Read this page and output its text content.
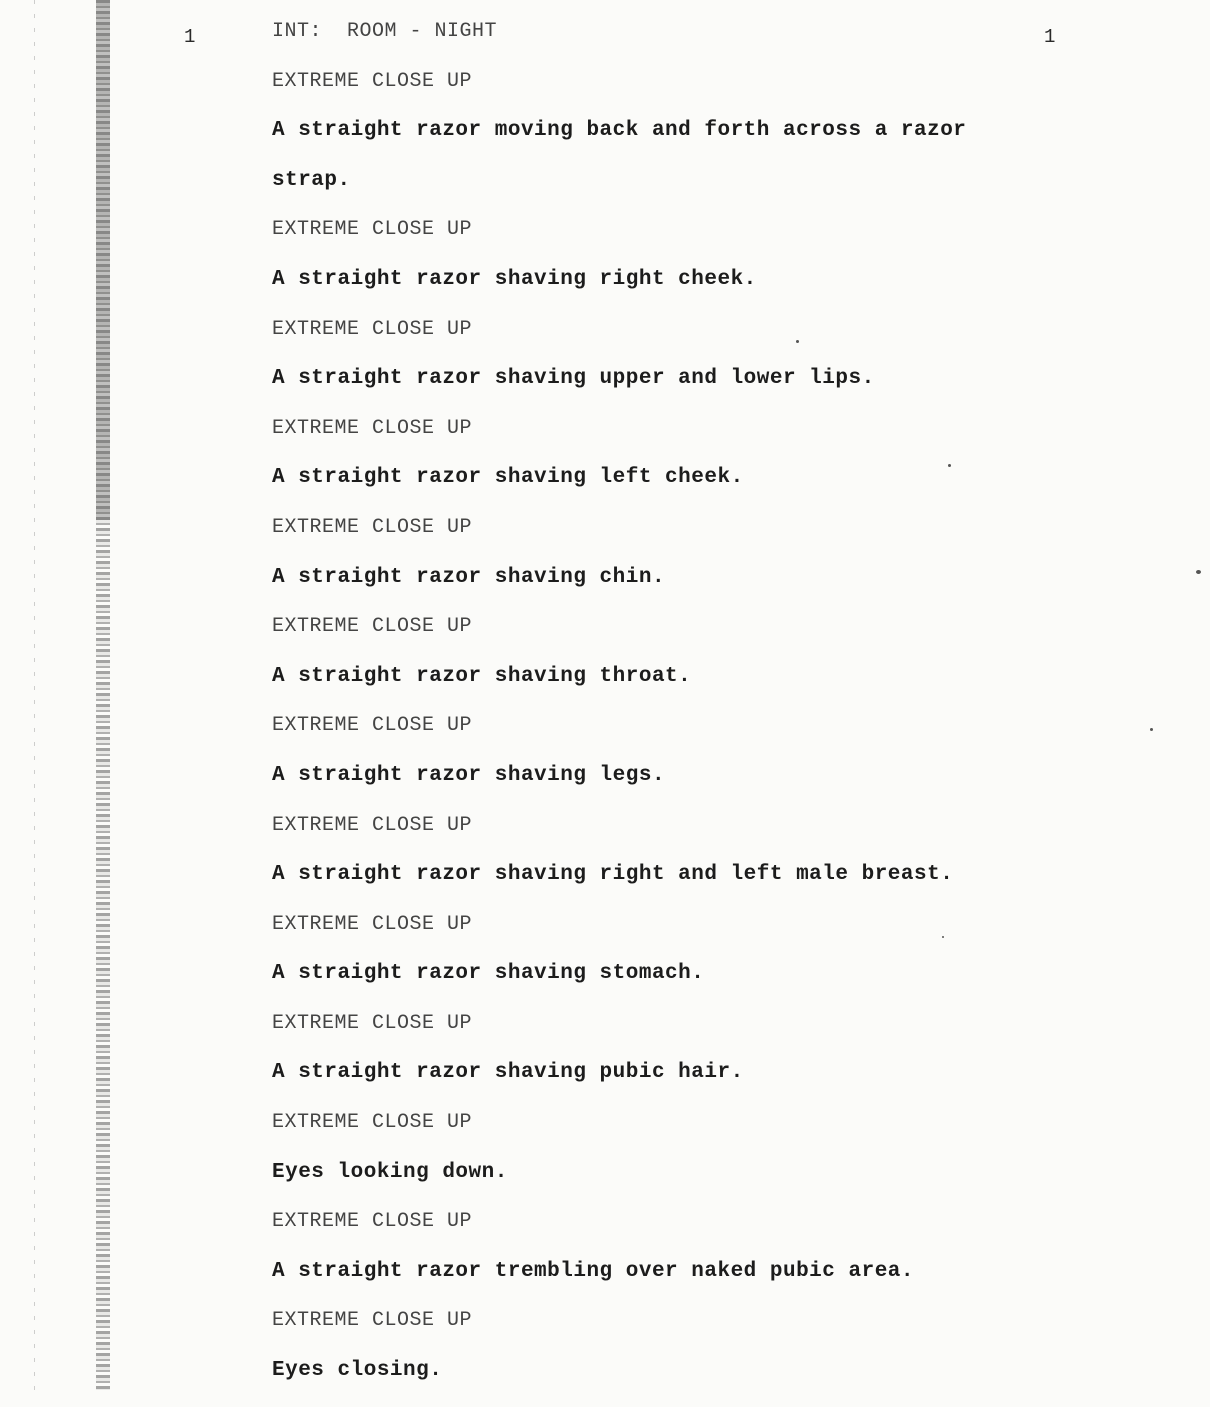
1	1
INT:  ROOM - NIGHT
EXTREME CLOSE UP
A straight razor moving back and forth across a razor
strap.
EXTREME CLOSE UP
A straight razor shaving right cheek.
EXTREME CLOSE UP
A straight razor shaving upper and lower lips.
EXTREME CLOSE UP
A straight razor shaving left cheek.
EXTREME CLOSE UP
A straight razor shaving chin.
EXTREME CLOSE UP
A straight razor shaving throat.
EXTREME CLOSE UP
A straight razor shaving legs.
EXTREME CLOSE UP
A straight razor shaving right and left male breast.
EXTREME CLOSE UP
A straight razor shaving stomach.
EXTREME CLOSE UP
A straight razor shaving pubic hair.
EXTREME CLOSE UP
Eyes looking down.
EXTREME CLOSE UP
A straight razor trembling over naked pubic area.
EXTREME CLOSE UP
Eyes closing.
